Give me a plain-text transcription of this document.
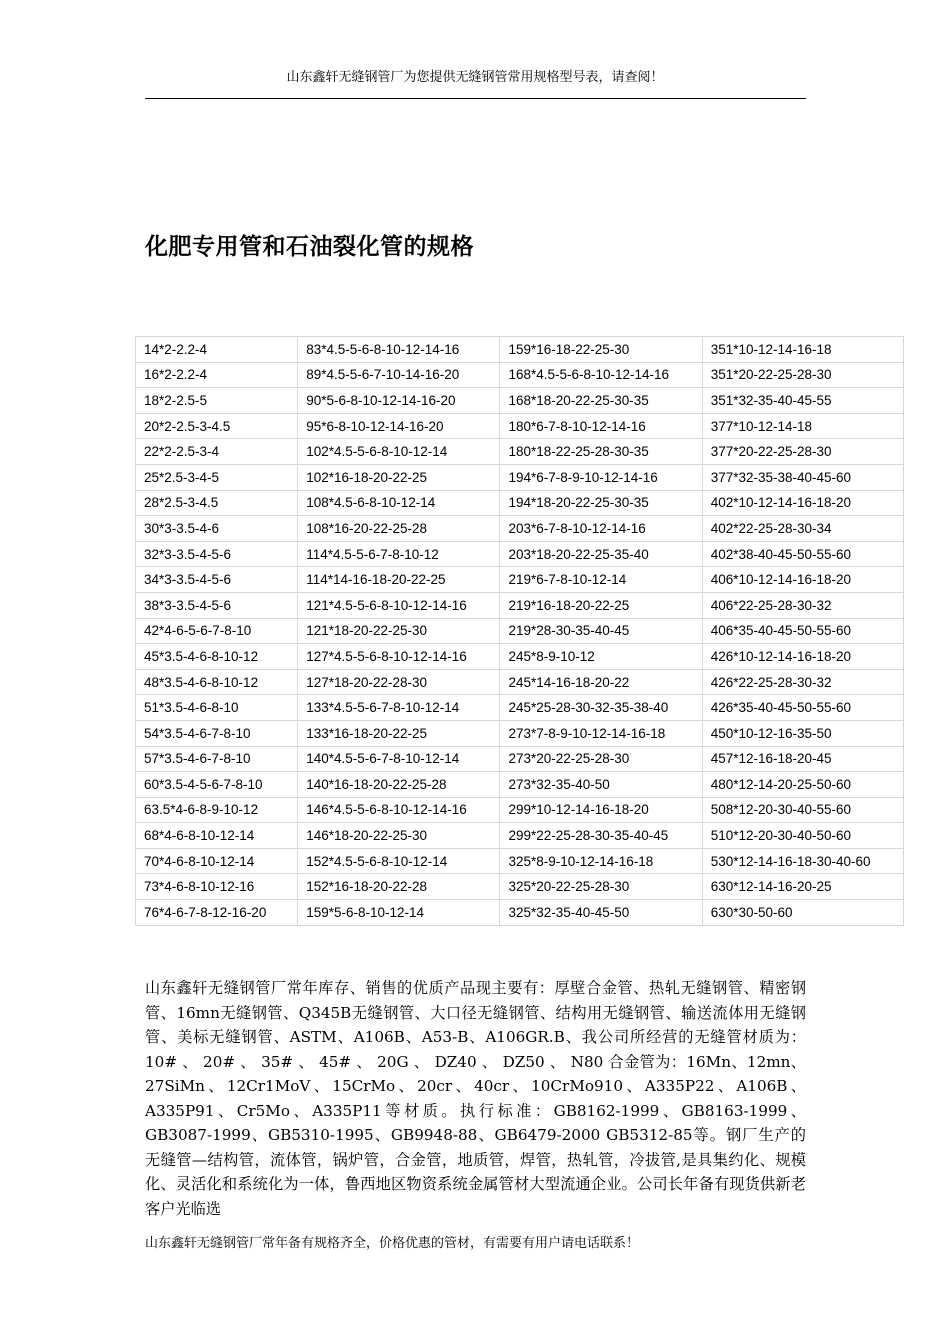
山东鑫轩无缝钢管厂为您提供无缝钢管常用规格型号表，请查阅！
化肥专用管和石油裂化管的规格
14*2-2.2-4	83*4.5-5-6-8-10-12-14-16	159*16-18-22-25-30	351*10-12-14-16-18
16*2-2.2-4	89*4.5-5-6-7-10-14-16-20	168*4.5-5-6-8-10-12-14-16	351*20-22-25-28-30
18*2-2.5-5	90*5-6-8-10-12-14-16-20	168*18-20-22-25-30-35	351*32-35-40-45-55
20*2-2.5-3-4.5	95*6-8-10-12-14-16-20	180*6-7-8-10-12-14-16	377*10-12-14-18
22*2-2.5-3-4	102*4.5-5-6-8-10-12-14	180*18-22-25-28-30-35	377*20-22-25-28-30
25*2.5-3-4-5	102*16-18-20-22-25	194*6-7-8-9-10-12-14-16	377*32-35-38-40-45-60
28*2.5-3-4.5	108*4.5-6-8-10-12-14	194*18-20-22-25-30-35	402*10-12-14-16-18-20
30*3-3.5-4-6	108*16-20-22-25-28	203*6-7-8-10-12-14-16	402*22-25-28-30-34
32*3-3.5-4-5-6	114*4.5-5-6-7-8-10-12	203*18-20-22-25-35-40	402*38-40-45-50-55-60
34*3-3.5-4-5-6	114*14-16-18-20-22-25	219*6-7-8-10-12-14	406*10-12-14-16-18-20
38*3-3.5-4-5-6	121*4.5-5-6-8-10-12-14-16	219*16-18-20-22-25	406*22-25-28-30-32
42*4-6-5-6-7-8-10	121*18-20-22-25-30	219*28-30-35-40-45	406*35-40-45-50-55-60
45*3.5-4-6-8-10-12	127*4.5-5-6-8-10-12-14-16	245*8-9-10-12	426*10-12-14-16-18-20
48*3.5-4-6-8-10-12	127*18-20-22-28-30	245*14-16-18-20-22	426*22-25-28-30-32
51*3.5-4-6-8-10	133*4.5-5-6-7-8-10-12-14	245*25-28-30-32-35-38-40	426*35-40-45-50-55-60
54*3.5-4-6-7-8-10	133*16-18-20-22-25	273*7-8-9-10-12-14-16-18	450*10-12-16-35-50
57*3.5-4-6-7-8-10	140*4.5-5-6-7-8-10-12-14	273*20-22-25-28-30	457*12-16-18-20-45
60*3.5-4-5-6-7-8-10	140*16-18-20-22-25-28	273*32-35-40-50	480*12-14-20-25-50-60
63.5*4-6-8-9-10-12	146*4.5-5-6-8-10-12-14-16	299*10-12-14-16-18-20	508*12-20-30-40-55-60
68*4-6-8-10-12-14	146*18-20-22-25-30	299*22-25-28-30-35-40-45	510*12-20-30-40-50-60
70*4-6-8-10-12-14	152*4.5-5-6-8-10-12-14	325*8-9-10-12-14-16-18	530*12-14-16-18-30-40-60
73*4-6-8-10-12-16	152*16-18-20-22-28	325*20-22-25-28-30	630*12-14-16-20-25
76*4-6-7-8-12-16-20	159*5-6-8-10-12-14	325*32-35-40-45-50	630*30-50-60
山东鑫轩无缝钢管厂常年库存、销售的优质产品现主要有：厚壁合金管、热轧无缝钢管、精密钢管、16mn无缝钢管、Q345B无缝钢管、大口径无缝钢管、结构用无缝钢管、输送流体用无缝钢管、美标无缝钢管、ASTM、A106B、A53-B、A106GR.B、我公司所经营的无缝管材质为：10# 、 20# 、 35# 、 45# 、 20G 、 DZ40 、 DZ50 、 N80 合金管为：16Mn、12mn、27SiMn、12Cr1MoV、15CrMo、20cr、40cr、10CrMo910、A335P22、A106B、A335P91、Cr5Mo、A335P11等材质。执行标准：GB8162-1999、GB8163-1999、GB3087-1999、GB5310-1995、GB9948-88、GB6479-2000 GB5312-85等。钢厂生产的无缝管—结构管，流体管，锅炉管，合金管，地质管，焊管，热轧管，冷拔管,是具集约化、规模化、灵活化和系统化为一体，鲁西地区物资系统金属管材大型流通企业。公司长年备有现货供新老客户光临选
山东鑫轩无缝钢管厂常年备有规格齐全，价格优惠的管材，有需要有用户请电话联系！
